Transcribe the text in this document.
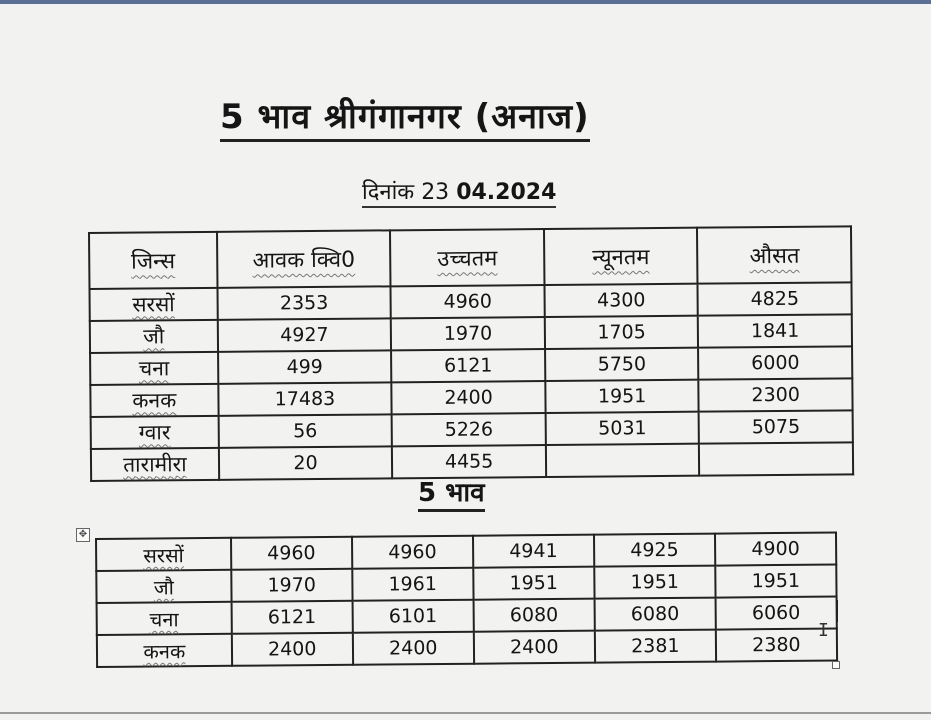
5 भाव श्रीगंगानगर (अनाज)
दिनांक 23 04.2024
जिन्स	आवक क्वि0	उच्चतम	न्यूनतम	औसत
सरसों	2353	4960	4300	4825
जौ	4927	1970	1705	1841
चना	499	6121	5750	6000
कनक	17483	2400	1951	2300
ग्वार	56	5226	5031	5075
तारामीरा	20	4455		
5 भाव
✥
सरसों	4960	4960	4941	4925	4900
जौ	1970	1961	1951	1951	1951
चना	6121	6101	6080	6080	6060
कनक	2400	2400	2400	2381	2380
I
